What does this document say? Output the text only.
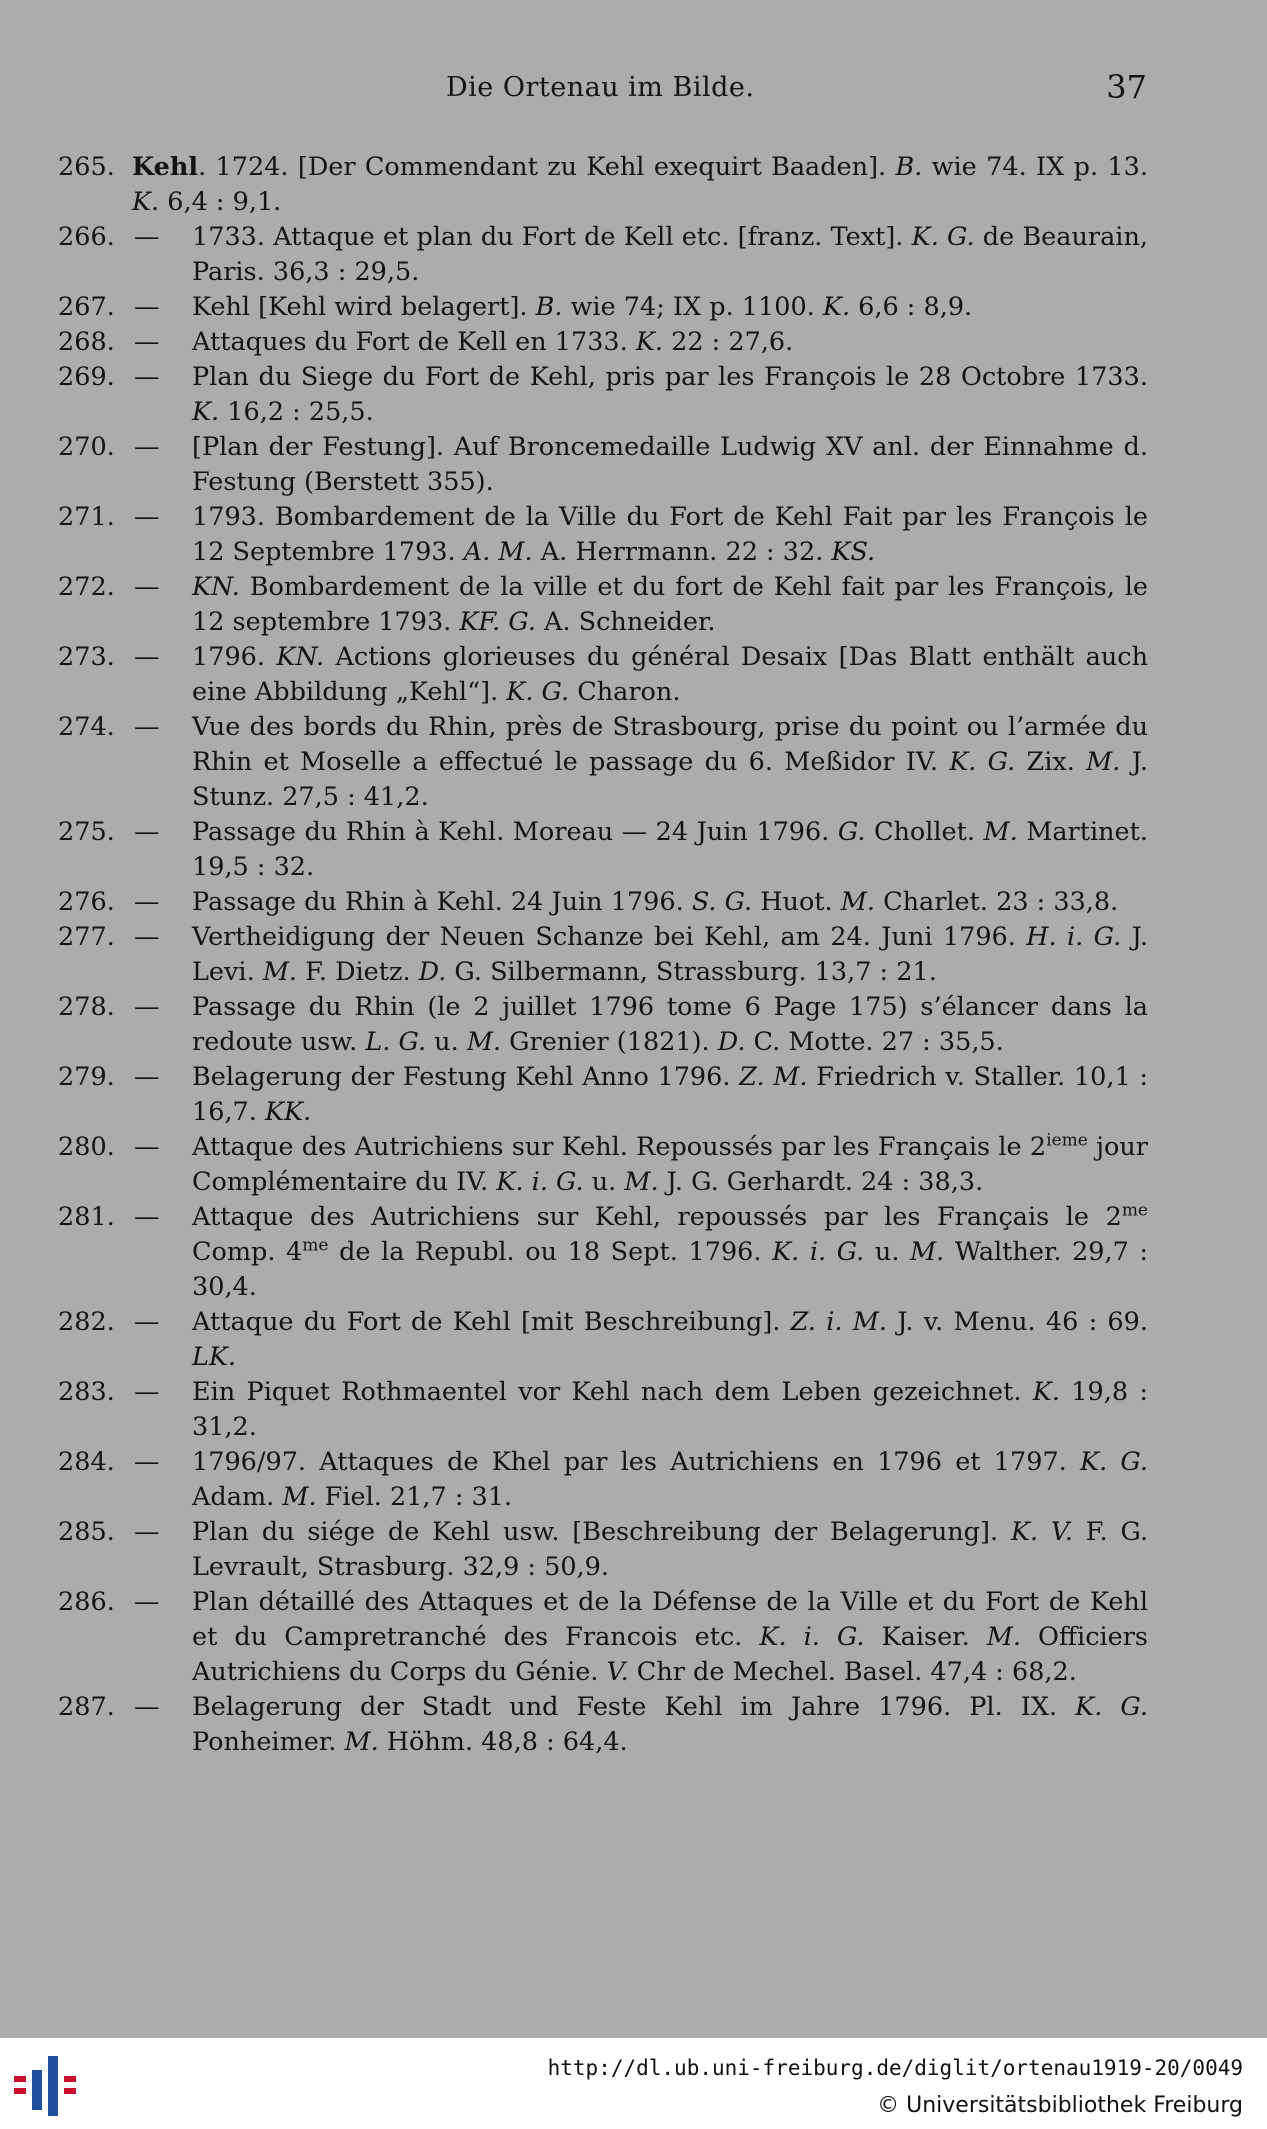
Die Ortenau im Bilde.	37
265. Kehl. 1724. [Der Commendant zu Kehl exequirt Baaden]. B. wie 74. IX p. 13. K. 6,4 : 9,1.
266. —	1733. Attaque et plan du Fort de Kell etc. [franz. Text]. K. G. de Beaurain, Paris. 36,3 : 29,5.
267. —	Kehl [Kehl wird belagert]. B. wie 74; IX p. 1100. K. 6,6 : 8,9.
268. —	Attaques du Fort de Kell en 1733. K. 22 : 27,6.
269. —	Plan du Siege du Fort de Kehl, pris par les François le 28 Octobre 1733. K. 16,2 : 25,5.
270. —	[Plan der Festung]. Auf Broncemedaille Ludwig XV anl. der Einnahme d. Festung (Berstett 355).
271. —	1793. Bombardement de la Ville du Fort de Kehl Fait par les François le 12 Septembre 1793. A. M. A. Herrmann. 22 : 32. KS.
272. —	KN. Bombardement de la ville et du fort de Kehl fait par les François, le 12 septembre 1793. KF. G. A. Schneider.
273. —	1796. KN. Actions glorieuses du général Desaix [Das Blatt enthält auch eine Abbildung „Kehl“]. K. G. Charon.
274. —	Vue des bords du Rhin, près de Strasbourg, prise du point ou l’armée du Rhin et Moselle a effectué le passage du 6. Meßidor IV. K. G. Zix. M. J. Stunz. 27,5 : 41,2.
275. —	Passage du Rhin à Kehl. Moreau — 24 Juin 1796. G. Chollet. M. Martinet. 19,5 : 32.
276. —	Passage du Rhin à Kehl. 24 Juin 1796. S. G. Huot. M. Charlet. 23 : 33,8.
277. —	Vertheidigung der Neuen Schanze bei Kehl, am 24. Juni 1796. H. i. G. J. Levi. M. F. Dietz. D. G. Silbermann, Strassburg. 13,7 : 21.
278. —	Passage du Rhin (le 2 juillet 1796 tome 6 Page 175) s’élancer dans la redoute usw. L. G. u. M. Grenier (1821). D. C. Motte. 27 : 35,5.
279. —	Belagerung der Festung Kehl Anno 1796. Z. M. Friedrich v. Staller. 10,1 : 16,7. KK.
280. —	Attaque des Autrichiens sur Kehl. Repoussés par les Français le 2ieme jour Complémentaire du IV. K. i. G. u. M. J. G. Gerhardt. 24 : 38,3.
281. —	Attaque des Autrichiens sur Kehl, repoussés par les Français le $2^{me}$ Comp. $4^{me}$ de la Republ. ou 18 Sept. 1796. K. i. G. u. M. Walther. 29,7 : 30,4.
282. —	Attaque du Fort de Kehl [mit Beschreibung]. Z. i. M. J. v. Menu. 46 : 69. LK.
283. —	Ein Piquet Rothmaentel vor Kehl nach dem Leben gezeichnet. K. 19,8 : 31,2.
284. —	1796/97. Attaques de Khel par les Autrichiens en 1796 et 1797. K. G. Adam. M. Fiel. 21,7 : 31.
285. —	Plan du siége de Kehl usw. [Beschreibung der Belagerung]. K. V. F. G. Levrault, Strasburg. 32,9 : 50,9.
286. —	Plan détaillé des Attaques et de la Défense de la Ville et du Fort de Kehl et du Campretranché des Francois etc. K. i. G. Kaiser. M. Officiers Autrichiens du Corps du Génie. V. Chr de Mechel. Basel. 47,4 : 68,2.
287. —	Belagerung der Stadt und Feste Kehl im Jahre 1796. Pl. IX. K. G. Ponheimer. M. Höhm. 48,8 : 64,4.
http://dl.ub.uni-freiburg.de/diglit/ortenau1919-20/0049
© Universitätsbibliothek Freiburg
